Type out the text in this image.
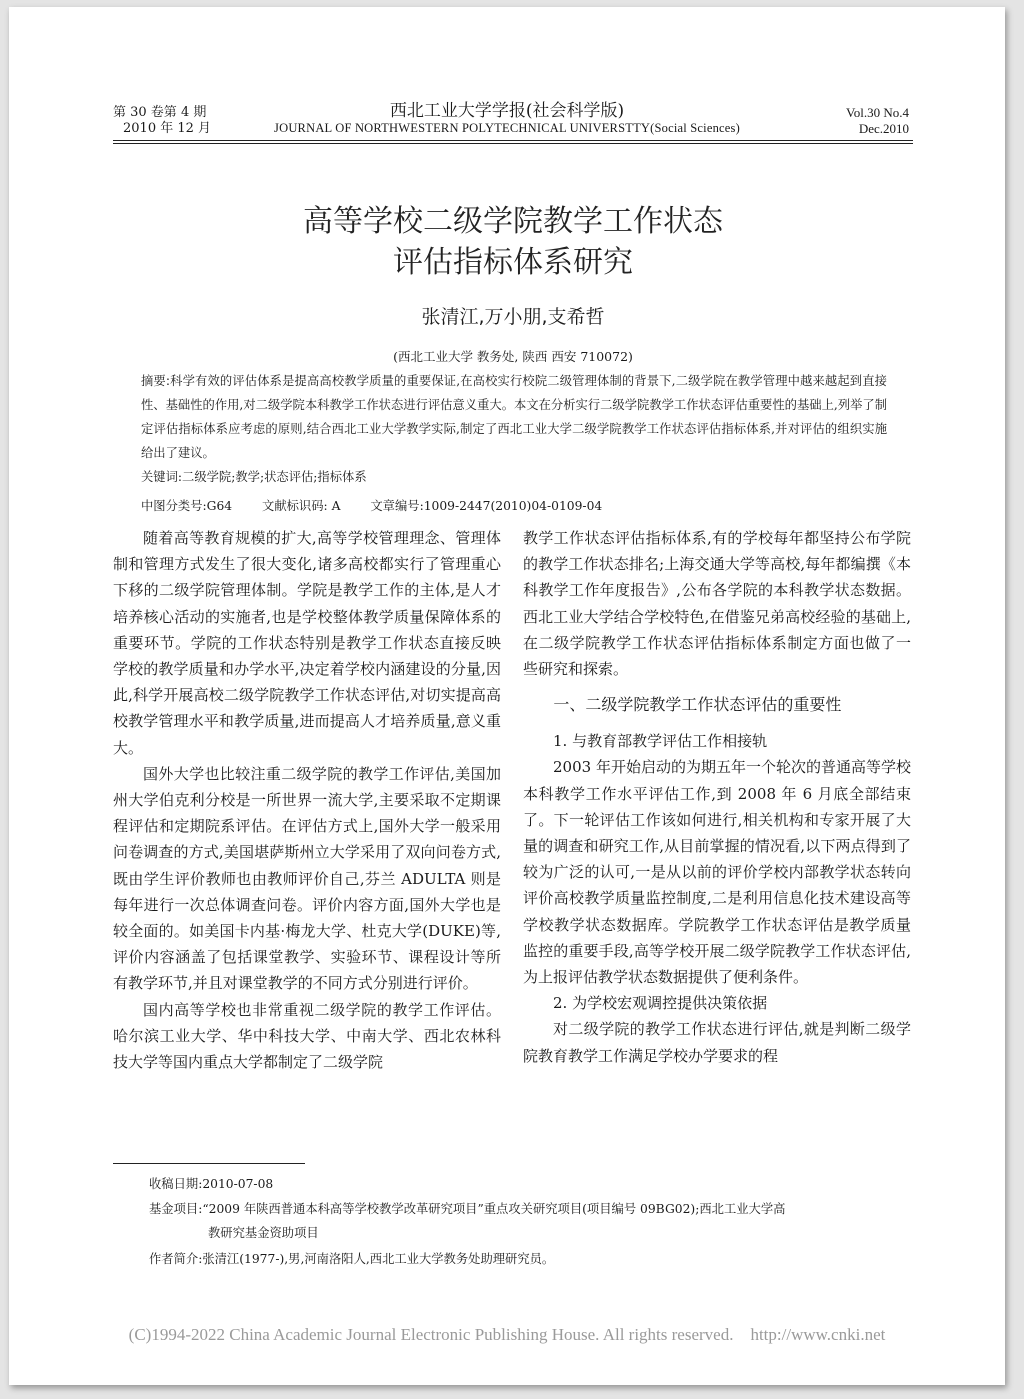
第 30 卷第 4 期
2010 年 12 月
西北工业大学学报(社会科学版)
JOURNAL OF NORTHWESTERN POLYTECHNICAL UNIVERSTTY(Social Sciences)
Vol.30 No.4
Dec.2010
高等学校二级学院教学工作状态
评估指标体系研究
张清江,万小朋,支希哲
(西北工业大学 教务处, 陕西 西安 710072)
摘要:科学有效的评估体系是提高高校教学质量的重要保证,在高校实行校院二级管理体制的背景下,二级学院在教学管理中越来越起到直接性、基础性的作用,对二级学院本科教学工作状态进行评估意义重大。本文在分析实行二级学院教学工作状态评估重要性的基础上,列举了制定评估指标体系应考虑的原则,结合西北工业大学教学实际,制定了西北工业大学二级学院教学工作状态评估指标体系,并对评估的组织实施给出了建议。
关键词:二级学院;教学;状态评估;指标体系
中图分类号:G64 文献标识码: A 文章编号:1009-2447(2010)04-0109-04

随着高等教育规模的扩大,高等学校管理理念、管理体制和管理方式发生了很大变化,诸多高校都实行了管理重心下移的二级学院管理体制。学院是教学工作的主体,是人才培养核心活动的实施者,也是学校整体教学质量保障体系的重要环节。学院的工作状态特别是教学工作状态直接反映学校的教学质量和办学水平,决定着学校内涵建设的分量,因此,科学开展高校二级学院教学工作状态评估,对切实提高高校教学管理水平和教学质量,进而提高人才培养质量,意义重大。

国外大学也比较注重二级学院的教学工作评估,美国加州大学伯克利分校是一所世界一流大学,主要采取不定期课程评估和定期院系评估。在评估方式上,国外大学一般采用问卷调查的方式,美国堪萨斯州立大学采用了双向问卷方式,既由学生评价教师也由教师评价自己,芬兰 ADULTA 则是每年进行一次总体调查问卷。评价内容方面,国外大学也是较全面的。如美国卡内基·梅龙大学、杜克大学(DUKE)等,评价内容涵盖了包括课堂教学、实验环节、课程设计等所有教学环节,并且对课堂教学的不同方式分别进行评价。

国内高等学校也非常重视二级学院的教学工作评估。哈尔滨工业大学、华中科技大学、中南大学、西北农林科技大学等国内重点大学都制定了二级学院

教学工作状态评估指标体系,有的学校每年都坚持公布学院的教学工作状态排名;上海交通大学等高校,每年都编撰《本科教学工作年度报告》,公布各学院的本科教学状态数据。西北工业大学结合学校特色,在借鉴兄弟高校经验的基础上,在二级学院教学工作状态评估指标体系制定方面也做了一些研究和探索。

一、二级学院教学工作状态评估的重要性

1. 与教育部教学评估工作相接轨

2003 年开始启动的为期五年一个轮次的普通高等学校本科教学工作水平评估工作,到 2008 年 6 月底全部结束了。下一轮评估工作该如何进行,相关机构和专家开展了大量的调查和研究工作,从目前掌握的情况看,以下两点得到了较为广泛的认可,一是从以前的评价学校内部教学状态转向评价高校教学质量监控制度,二是利用信息化技术建设高等学校教学状态数据库。学院教学工作状态评估是教学质量监控的重要手段,高等学校开展二级学院教学工作状态评估,为上报评估教学状态数据提供了便利条件。

2. 为学校宏观调控提供决策依据

对二级学院的教学工作状态进行评估,就是判断二级学院教育教学工作满足学校办学要求的程

收稿日期:2010-07-08
基金项目:“2009 年陕西普通本科高等学校教学改革研究项目”重点攻关研究项目(项目编号 09BG02);西北工业大学高
教研究基金资助项目
作者简介:张清江(1977-),男,河南洛阳人,西北工业大学教务处助理研究员。
(C)1994-2022 China Academic Journal Electronic Publishing House. All rights reserved.    http://www.cnki.net
